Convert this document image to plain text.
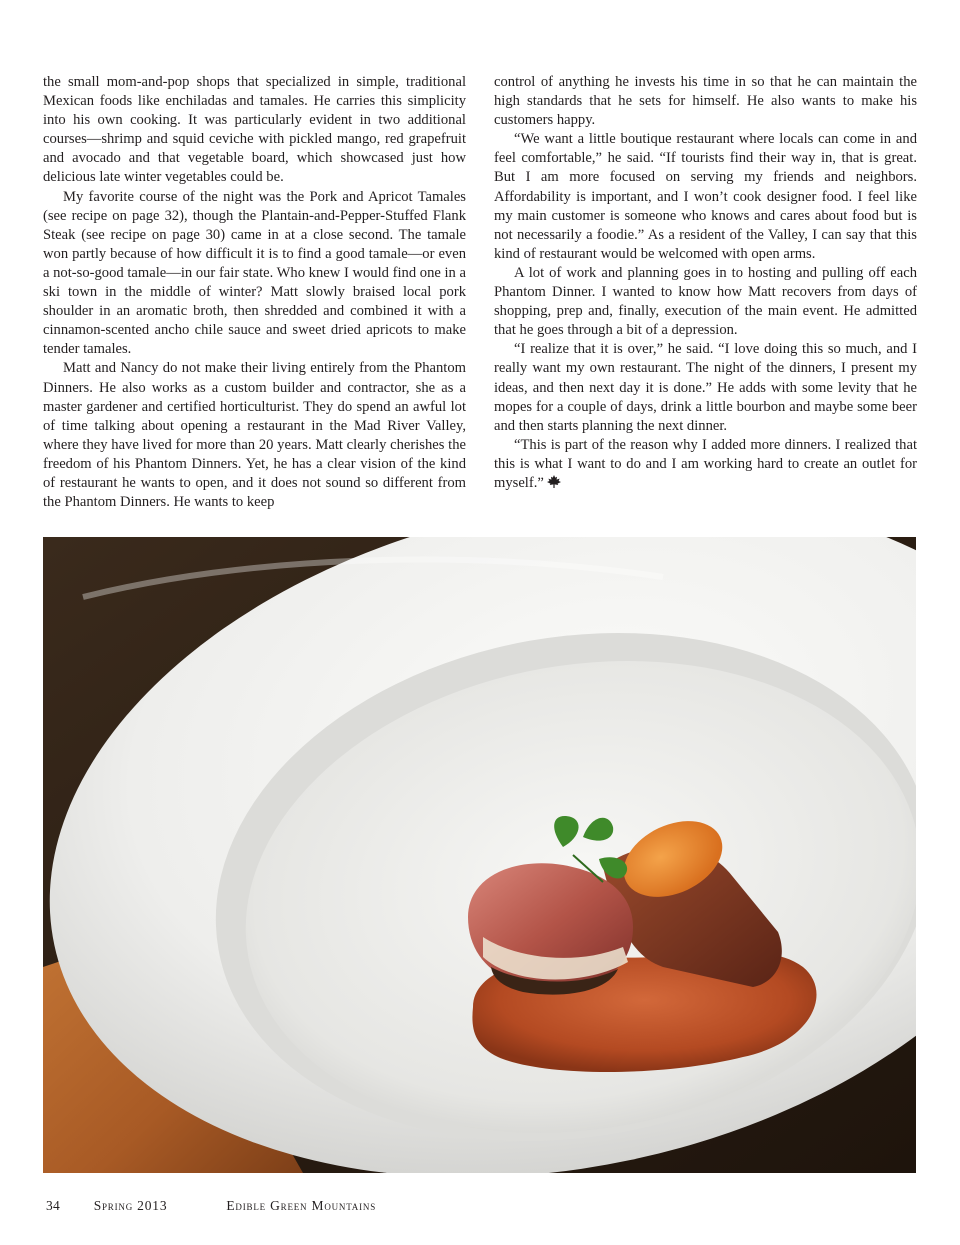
the small mom-and-pop shops that specialized in simple, traditional Mexican foods like enchiladas and tamales. He carries this simplicity into his own cooking. It was particularly evident in two additional courses—shrimp and squid ceviche with pickled mango, red grapefruit and avocado and that vegetable board, which showcased just how delicious late winter vegetables could be.

My favorite course of the night was the Pork and Apricot Tamales (see recipe on page 32), though the Plantain-and-Pepper-Stuffed Flank Steak (see recipe on page 30) came in at a close second. The tamale won partly because of how difficult it is to find a good tamale—or even a not-so-good tamale—in our fair state. Who knew I would find one in a ski town in the middle of winter? Matt slowly braised local pork shoulder in an aromatic broth, then shredded and combined it with a cinnamon-scented ancho chile sauce and sweet dried apricots to make tender tamales.

Matt and Nancy do not make their living entirely from the Phantom Dinners. He also works as a custom builder and contractor, she as a master gardener and certified horticulturist. They do spend an awful lot of time talking about opening a restaurant in the Mad River Valley, where they have lived for more than 20 years. Matt clearly cherishes the freedom of his Phantom Dinners. Yet, he has a clear vision of the kind of restaurant he wants to open, and it does not sound so different from the Phantom Dinners. He wants to keep

control of anything he invests his time in so that he can maintain the high standards that he sets for himself. He also wants to make his customers happy.

“We want a little boutique restaurant where locals can come in and feel comfortable,” he said. “If tourists find their way in, that is great. But I am more focused on serving my friends and neighbors. Affordability is important, and I won’t cook designer food. I feel like my main customer is someone who knows and cares about food but is not necessarily a foodie.” As a resident of the Valley, I can say that this kind of restaurant would be welcomed with open arms.

A lot of work and planning goes in to hosting and pulling off each Phantom Dinner. I wanted to know how Matt recovers from days of shopping, prep and, finally, execution of the main event. He admitted that he goes through a bit of a depression.

“I realize that it is over,” he said. “I love doing this so much, and I really want my own restaurant. The night of the dinners, I present my ideas, and then next day it is done.” He adds with some levity that he mopes for a couple of days, drink a little bourbon and maybe some beer and then starts planning the next dinner.

“This is part of the reason why I added more dinners. I realized that this is what I want to do and I am working hard to create an outlet for myself.”

34 Spring 2013	Edible Green Mountains
